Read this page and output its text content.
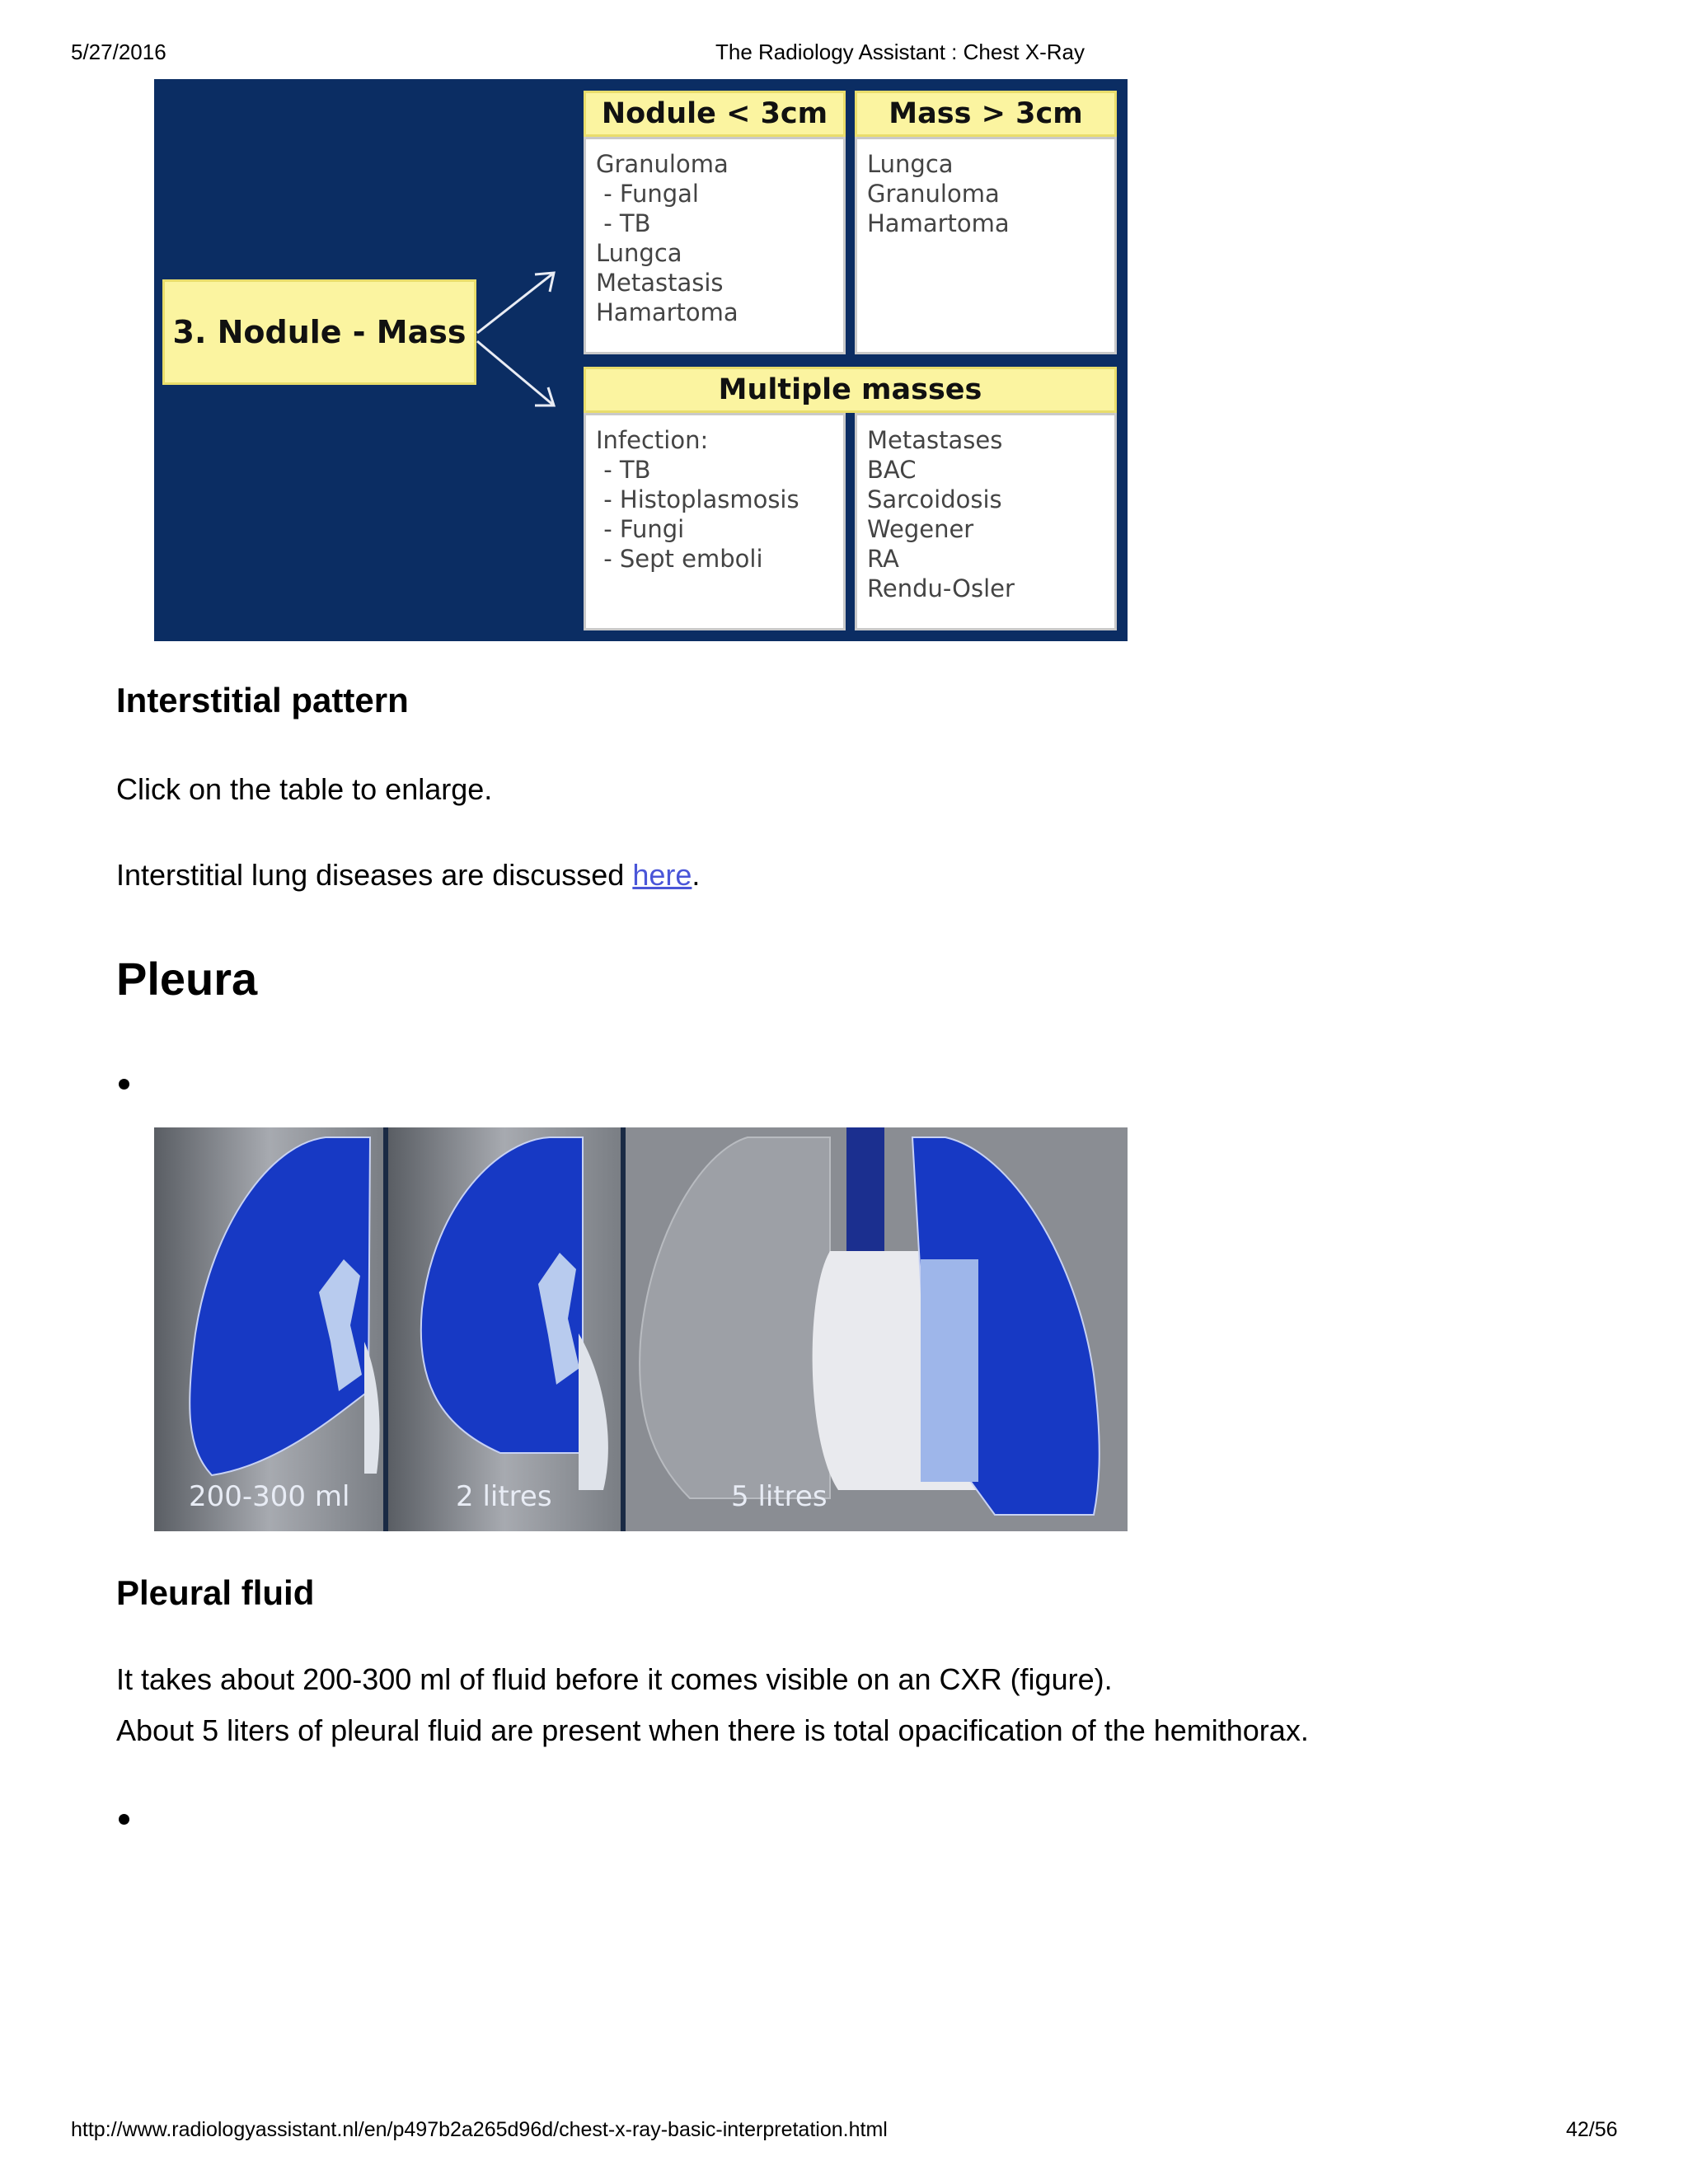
5/27/2016	The Radiology Assistant : Chest X-Ray
3. Nodule - Mass
Nodule < 3cm	Mass > 3cm
Granuloma
- Fungal
- TB
Lungca
Metastasis
Hamartoma
Lungca
Granuloma
Hamartoma
Multiple masses
Infection:
- TB
- Histoplasmosis
- Fungi
- Sept emboli
Metastases
BAC
Sarcoidosis
Wegener
RA
Rendu-Osler
Interstitial pattern
Click on the table to enlarge.
Interstitial lung diseases are discussed here.
Pleura
200-300 ml	2 litres	5 litres
Pleural fluid
It takes about 200-300 ml of fluid before it comes visible on an CXR (figure).
About 5 liters of pleural fluid are present when there is total opacification of the hemithorax.
http://www.radiologyassistant.nl/en/p497b2a265d96d/chest-x-ray-basic-interpretation.html	42/56
